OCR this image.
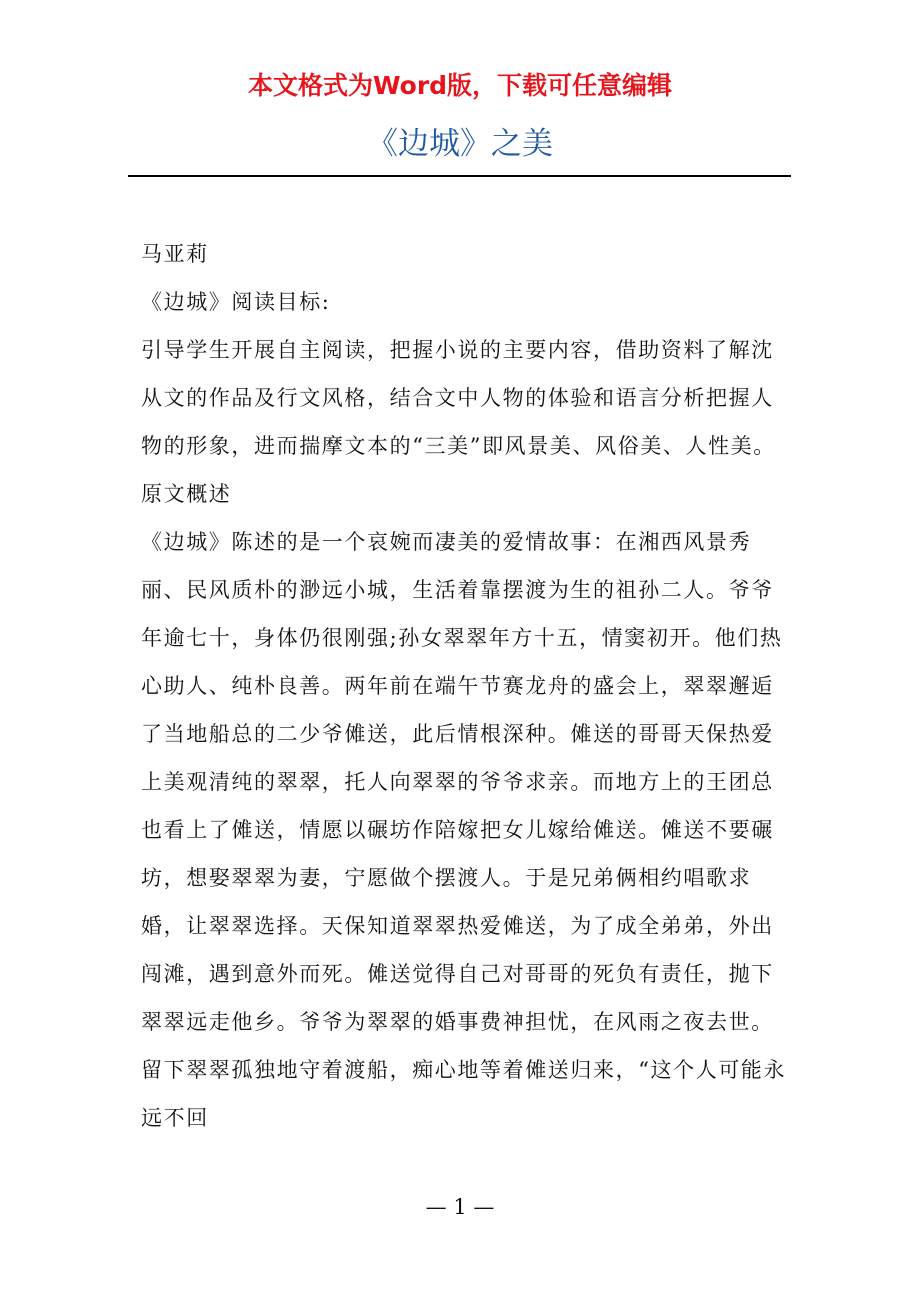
本文格式为Word版，下载可任意编辑
《边城》之美

马亚莉

《边城》阅读目标:

引导学生开展自主阅读，把握小说的主要内容，借助资料了解沈从文的作品及行文风格，结合文中人物的体验和语言分析把握人物的形象，进而揣摩文本的“三美”即风景美、风俗美、人性美。

原文概述

《边城》陈述的是一个哀婉而凄美的爱情故事：在湘西风景秀丽、民风质朴的渺远小城，生活着靠摆渡为生的祖孙二人。爷爷年逾七十，身体仍很刚强;孙女翠翠年方十五，情窦初开。他们热心助人、纯朴良善。两年前在端午节赛龙舟的盛会上，翠翠邂逅了当地船总的二少爷傩送，此后情根深种。傩送的哥哥天保热爱上美观清纯的翠翠，托人向翠翠的爷爷求亲。而地方上的王团总也看上了傩送，情愿以碾坊作陪嫁把女儿嫁给傩送。傩送不要碾坊，想娶翠翠为妻，宁愿做个摆渡人。于是兄弟俩相约唱歌求婚，让翠翠选择。天保知道翠翠热爱傩送，为了成全弟弟，外出闯滩，遇到意外而死。傩送觉得自己对哥哥的死负有责任，抛下翠翠远走他乡。爷爷为翠翠的婚事费神担忧，在风雨之夜去世。留下翠翠孤独地守着渡船，痴心地等着傩送归来，“这个人可能永远不回

— 1 —
